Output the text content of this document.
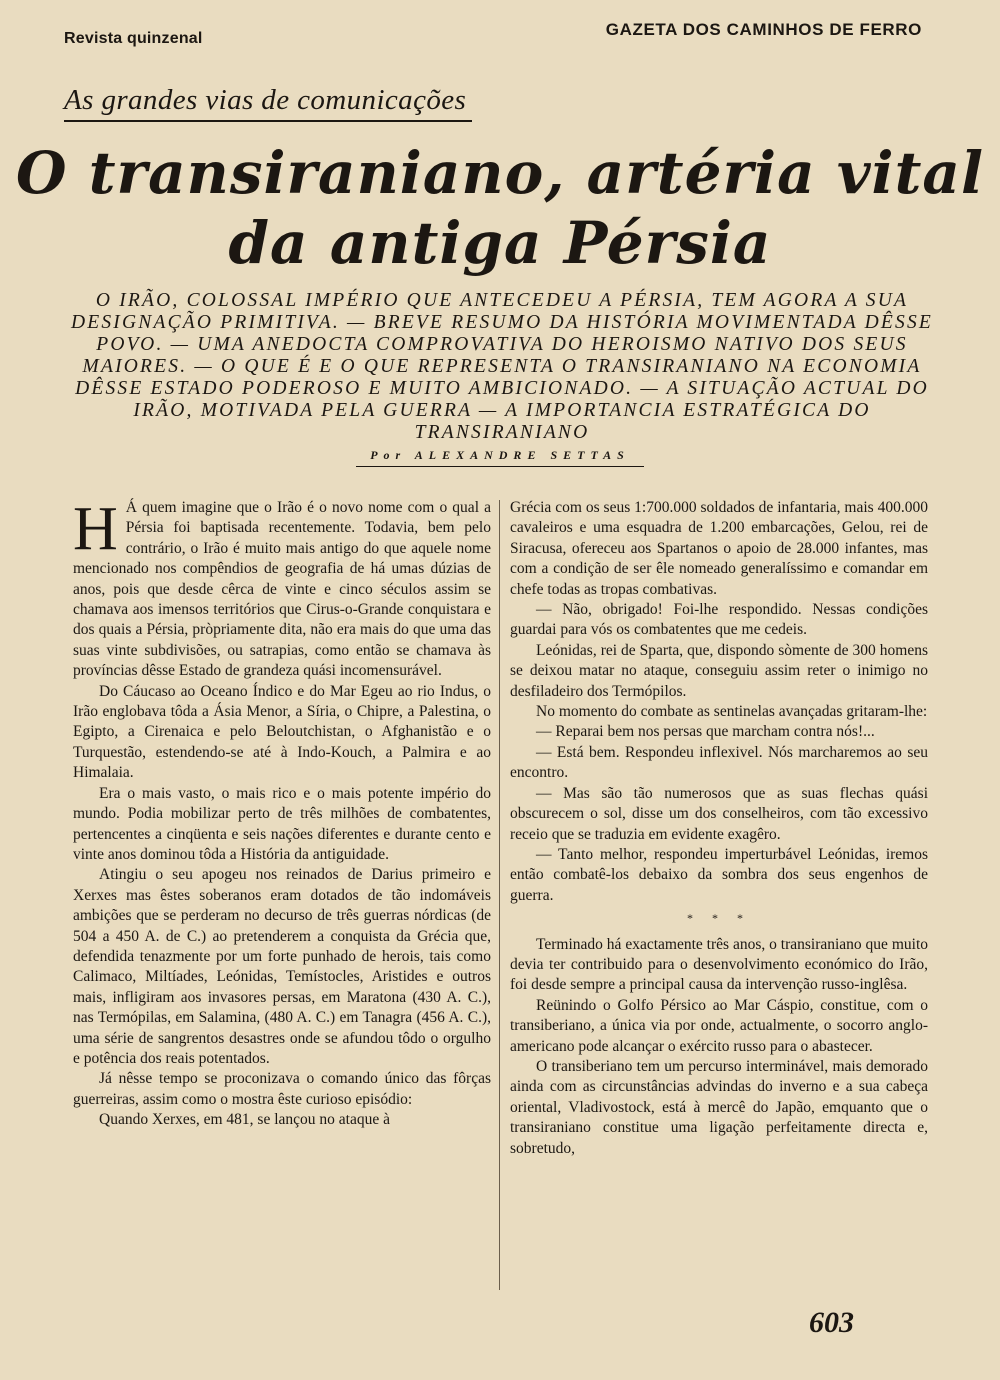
Revista quinzenal	GAZETA DOS CAMINHOS DE FERRO
As grandes vias de comunicações
O transiraniano, artéria vital
da antiga Pérsia
O IRÃO, COLOSSAL IMPÉRIO QUE ANTECEDEU A PÉRSIA, TEM AGORA A SUA DESIGNAÇÃO PRIMITIVA. — BREVE RESUMO DA HISTÓRIA MOVIMENTADA DÊSSE POVO. — UMA ANEDOCTA COMPROVATIVA DO HEROISMO NATIVO DOS SEUS MAIORES. — O QUE É E O QUE REPRESENTA O TRANSIRANIANO NA ECONOMIA DÊSSE ESTADO PODEROSO E MUITO AMBICIONADO. — A SITUAÇÃO ACTUAL DO IRÃO, MOTIVADA PELA GUERRA — A IMPORTANCIA ESTRATÉGICA DO TRANSIRANIANO
Por ALEXANDRE SETTAS

H Á quem imagine que o Irão é o novo nome com o qual a Pérsia foi baptisada recentemente. Todavia, bem pelo contrário, o Irão é muito mais antigo do que aquele nome mencionado nos compêndios de geografia de há umas dúzias de anos, pois que desde cêrca de vinte e cinco séculos assim se chamava aos imensos territórios que Cirus-o-Grande conquistara e dos quais a Pérsia, pròpriamente dita, não era mais do que uma das suas vinte subdivisões, ou satrapias, como então se chamava às províncias dêsse Estado de grandeza quási incomensurável.

Do Cáucaso ao Oceano Índico e do Mar Egeu ao rio Indus, o Irão englobava tôda a Ásia Menor, a Síria, o Chipre, a Palestina, o Egipto, a Cirenaica e pelo Beloutchistan, o Afghanistão e o Turquestão, estendendo-se até à Indo-Kouch, a Palmira e ao Himalaia.

Era o mais vasto, o mais rico e o mais potente império do mundo. Podia mobilizar perto de três milhões de combatentes, pertencentes a cinqüenta e seis nações diferentes e durante cento e vinte anos dominou tôda a História da antiguidade.

Atingiu o seu apogeu nos reinados de Darius primeiro e Xerxes mas êstes soberanos eram dotados de tão indomáveis ambições que se perderam no decurso de três guerras nórdicas (de 504 a 450 A. de C.) ao pretenderem a conquista da Grécia que, defendida tenazmente por um forte punhado de herois, tais como Calimaco, Miltíades, Leónidas, Temístocles, Aristides e outros mais, infligiram aos invasores persas, em Maratona (430 A. C.), nas Termópilas, em Salamina, (480 A. C.) em Tanagra (456 A. C.), uma série de sangrentos desastres onde se afundou tôdo o orgulho e potência dos reais potentados.

Já nêsse tempo se proconizava o comando único das fôrças guerreiras, assim como o mostra êste curioso episódio:

Quando Xerxes, em 481, se lançou no ataque à

Grécia com os seus 1:700.000 soldados de infantaria, mais 400.000 cavaleiros e uma esquadra de 1.200 embarcações, Gelou, rei de Siracusa, ofereceu aos Spartanos o apoio de 28.000 infantes, mas com a condição de ser êle nomeado generalíssimo e comandar em chefe todas as tropas combativas.

— Não, obrigado! Foi-lhe respondido. Nessas condições guardai para vós os combatentes que me cedeis.

Leónidas, rei de Sparta, que, dispondo sòmente de 300 homens se deixou matar no ataque, conseguiu assim reter o inimigo no desfiladeiro dos Termópilos.

No momento do combate as sentinelas avançadas gritaram-lhe:

— Reparai bem nos persas que marcham contra nós!...

— Está bem. Respondeu inflexivel. Nós marcharemos ao seu encontro.

— Mas são tão numerosos que as suas flechas quási obscurecem o sol, disse um dos conselheiros, com tão excessivo receio que se traduzia em evidente exagêro.

— Tanto melhor, respondeu imperturbável Leónidas, iremos então combatê-los debaixo da sombra dos seus engenhos de guerra.

* * *

Terminado há exactamente três anos, o transiraniano que muito devia ter contribuido para o desenvolvimento económico do Irão, foi desde sempre a principal causa da intervenção russo-inglêsa.

Reünindo o Golfo Pérsico ao Mar Cáspio, constitue, com o transiberiano, a única via por onde, actualmente, o socorro anglo-americano pode alcançar o exército russo para o abastecer.

O transiberiano tem um percurso interminável, mais demorado ainda com as circunstâncias advindas do inverno e a sua cabeça oriental, Vladivostock, está à mercê do Japão, emquanto que o transiraniano constitue uma ligação perfeitamente directa e, sobretudo,

603
